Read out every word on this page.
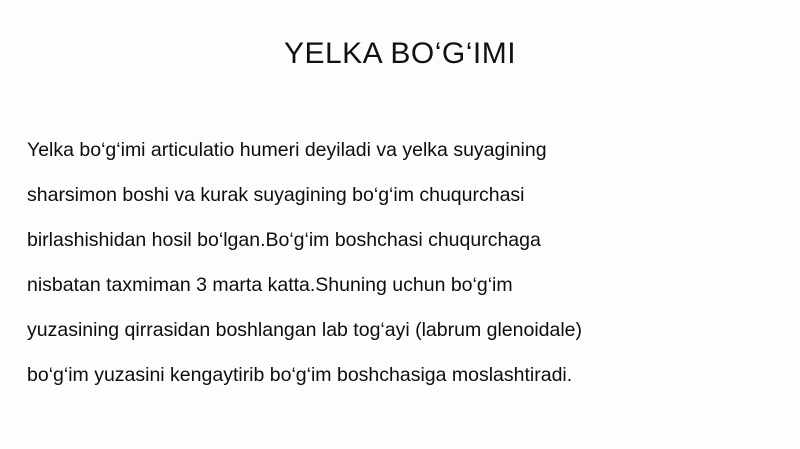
YELKA BO‘G‘IMI
Yelka bo‘g‘imi articulatio humeri deyiladi va yelka suyagining
sharsimon boshi va kurak suyagining bo‘g‘im chuqurchasi
birlashishidan hosil bo‘lgan.Bo‘g‘im boshchasi chuqurchaga
nisbatan taxmiman 3 marta katta.Shuning uchun bo‘g‘im
yuzasining qirrasidan boshlangan lab tog‘ayi (labrum glenoidale)
bo‘g‘im yuzasini kengaytirib bo‘g‘im boshchasiga moslashtiradi.
